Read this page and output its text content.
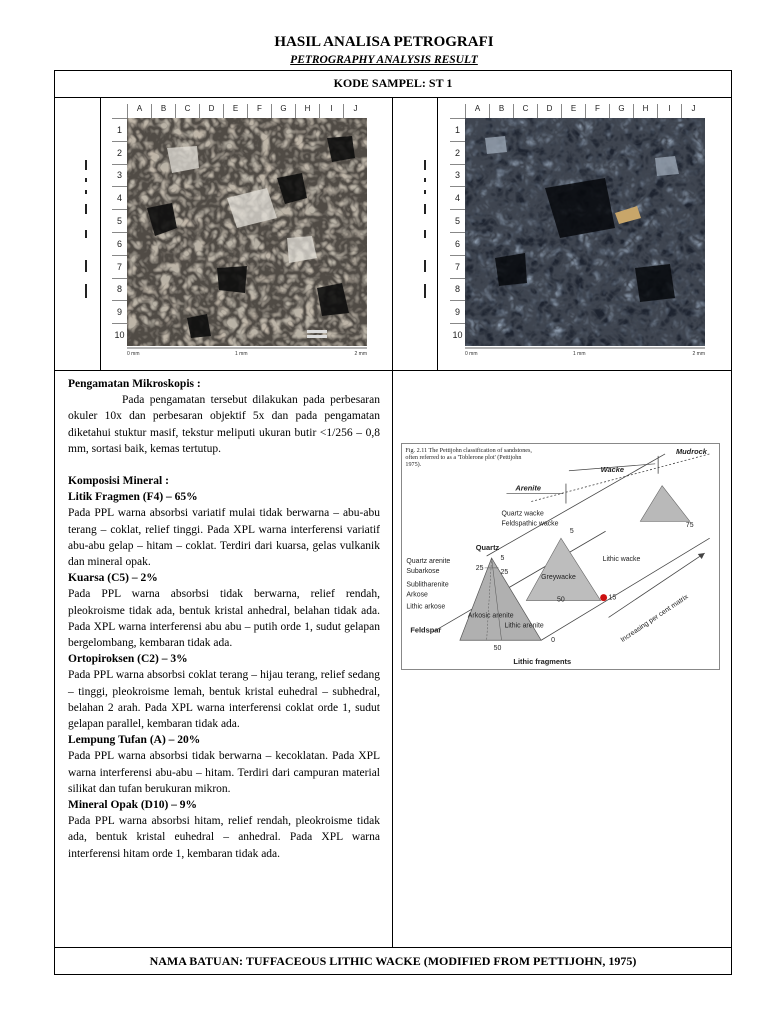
HASIL ANALISA PETROGRAFI
PETROGRAPHY ANALYSIS RESULT
KODE SAMPEL: ST 1
A	B	C	D	E	F	G	H	I	J
1
2
3
4
5
6
7
8
9
10
0 mm	1 mm	2 mm
A	B	C	D	E	F	G	H	I	J
1
2
3
4
5
6
7
8
9
10
0 mm	1 mm	2 mm

Pengamatan Mikroskopis :

Pada pengamatan tersebut dilakukan pada perbesaran okuler 10x dan perbesaran objektif 5x dan pada pengamatan diketahui stuktur masif, tekstur meliputi ukuran butir <1/256 – 0,8 mm, sortasi baik, kemas tertutup.

Komposisi Mineral :

Litik Fragmen (F4) – 65%

Pada PPL warna absorbsi variatif mulai tidak berwarna – abu-abu terang – coklat, relief tinggi. Pada XPL warna interferensi variatif abu-abu gelap – hitam – coklat. Terdiri dari kuarsa, gelas vulkanik dan mineral opak.

Kuarsa (C5) – 2%

Pada PPL warna absorbsi tidak berwarna, relief rendah, pleokroisme tidak ada, bentuk kristal anhedral, belahan tidak ada. Pada XPL warna interferensi abu abu – putih orde 1, sudut gelapan bergelombang, kembaran tidak ada.

Ortopiroksen (C2) – 3%

Pada PPL warna absorbsi coklat terang – hijau terang, relief sedang – tinggi, pleokroisme lemah, bentuk kristal euhedral – subhedral, belahan 2 arah. Pada XPL warna interferensi coklat orde 1, sudut gelapan parallel, kembaran tidak ada.

Lempung Tufan (A) – 20%

Pada PPL warna absorbsi tidak berwarna – kecoklatan. Pada XPL warna interferensi abu-abu – hitam. Terdiri dari campuran material silikat dan tufan berukuran mikron.

Mineral Opak (D10) – 9%

Pada PPL warna absorbsi hitam, relief rendah, pleokroisme tidak ada, bentuk kristal euhedral – anhedral. Pada XPL warna interferensi hitam orde 1, kembaran tidak ada.

Fig. 2.11 The Pettijohn classification of sandstones, often referred to as a 'Toblerone plot' (Pettijohn 1975).
Mudrock
Wacke
Arenite
Quartz wacke
Feldspathic wacke
Lithic wacke
Greywacke
Quartz
Quartz arenite
Subarkose
Sublitharenite
Arkose
Lithic arkose
Arkosic arenite
Lithic arenite
Feldspar
Lithic fragments
Increasing per cent matrix
5
5
25
25
50
50
0
15
75
NAMA BATUAN: TUFFACEOUS LITHIC WACKE (MODIFIED FROM PETTIJOHN, 1975)
